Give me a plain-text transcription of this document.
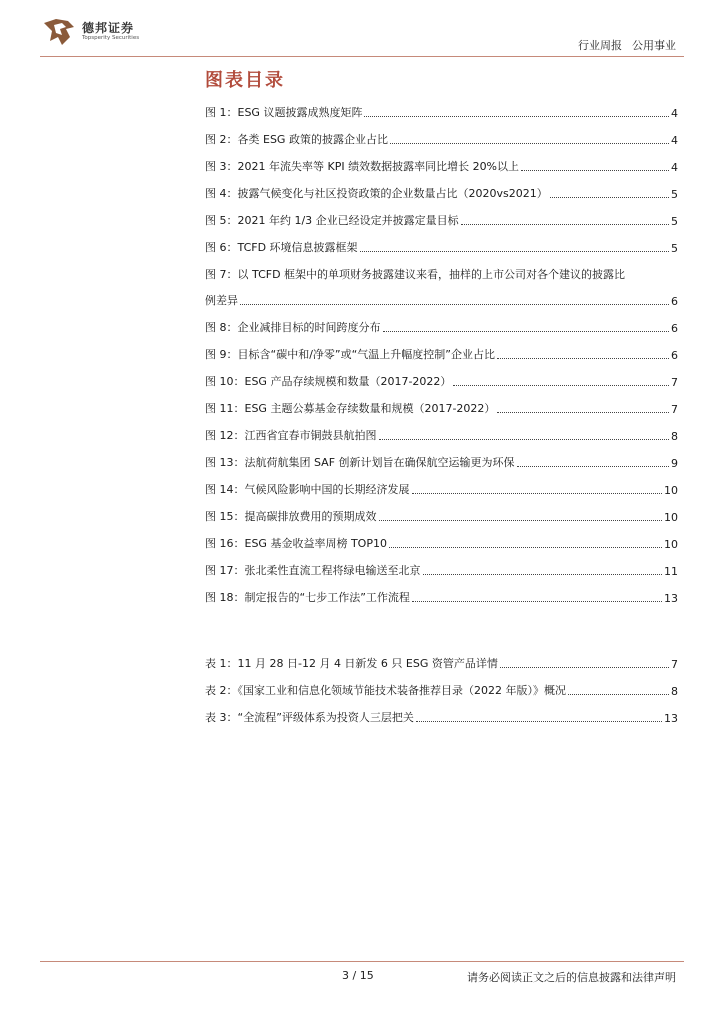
德邦证券
Topsperity Securities
行业周报 公用事业
图表目录
图 1：ESG 议题披露成熟度矩阵	4
图 2：各类 ESG 政策的披露企业占比	4
图 3：2021 年流失率等 KPI 绩效数据披露率同比增长 20%以上	4
图 4：披露气候变化与社区投资政策的企业数量占比（2020vs2021）	5
图 5：2021 年约 1/3 企业已经设定并披露定量目标	5
图 6：TCFD 环境信息披露框架	5
图 7：以 TCFD 框架中的单项财务披露建议来看，抽样的上市公司对各个建议的披露比
例差异	6
图 8：企业减排目标的时间跨度分布	6
图 9：目标含“碳中和/净零”或“气温上升幅度控制”企业占比	6
图 10：ESG 产品存续规模和数量（2017-2022）	7
图 11：ESG 主题公募基金存续数量和规模（2017-2022）	7
图 12：江西省宜春市铜鼓县航拍图	8
图 13：法航荷航集团 SAF 创新计划旨在确保航空运输更为环保	9
图 14：气候风险影响中国的长期经济发展	10
图 15：提高碳排放费用的预期成效	10
图 16：ESG 基金收益率周榜 TOP10	10
图 17：张北柔性直流工程将绿电输送至北京	11
图 18：制定报告的“七步工作法”工作流程	13
表 1：11 月 28 日-12 月 4 日新发 6 只 ESG 资管产品详情	7
表 2：《国家工业和信息化领域节能技术装备推荐目录（2022 年版）》概况	8
表 3：“全流程”评级体系为投资人三层把关	13
3 / 15	请务必阅读正文之后的信息披露和法律声明
